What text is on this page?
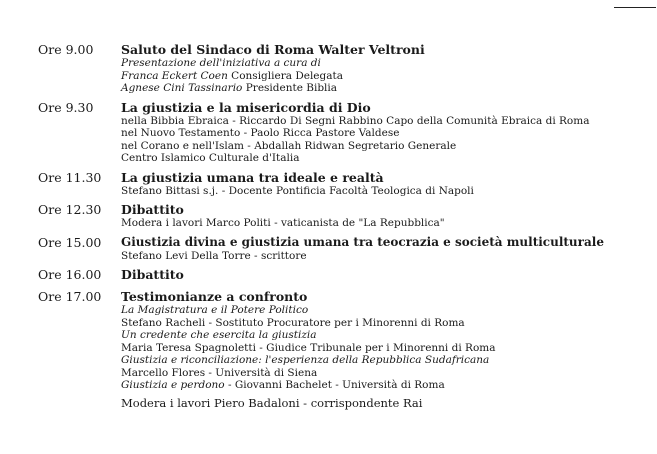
Ore 9.00	Saluto del Sindaco di Roma Walter Veltroni
Presentazione dell'iniziativa a cura di
Franca Eckert Coen Consigliera Delegata
Agnese Cini Tassinario Presidente Biblia
Ore 9.30	La giustizia e la misericordia di Dio
nella Bibbia Ebraica - Riccardo Di Segni Rabbino Capo della Comunità Ebraica di Roma
nel Nuovo Testamento - Paolo Ricca Pastore Valdese
nel Corano e nell'Islam - Abdallah Ridwan Segretario Generale
Centro Islamico Culturale d'Italia
Ore 11.30	La giustizia umana tra ideale e realtà
Stefano Bittasi s.j. - Docente Pontificia Facoltà Teologica di Napoli
Ore 12.30	Dibattito
Modera i lavori Marco Politi - vaticanista de "La Repubblica"
Ore 15.00	Giustizia divina e giustizia umana tra teocrazia e società multiculturale
Stefano Levi Della Torre - scrittore
Ore 16.00	Dibattito
Ore 17.00	Testimonianze a confronto
La Magistratura e il Potere Politico
Stefano Racheli - Sostituto Procuratore per i Minorenni di Roma
Un credente che esercita la giustizia
Maria Teresa Spagnoletti - Giudice Tribunale per i Minorenni di Roma
Giustizia e riconciliazione: l'esperienza della Repubblica Sudafricana
Marcello Flores - Università di Siena
Giustizia e perdono - Giovanni Bachelet - Università di Roma
Modera i lavori Piero Badaloni - corrispondente Rai
